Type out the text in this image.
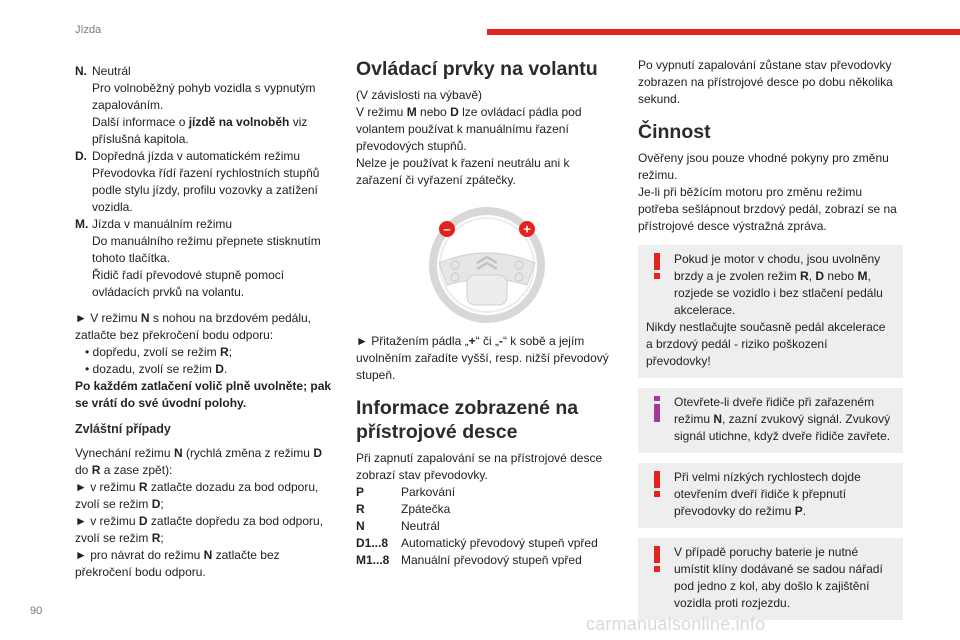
Jízda
N. Neutrál

Pro volnoběžný pohyb vozidla s vypnutým zapalováním.

Další informace o jízdě na volnoběh viz příslušná kapitola.

D. Dopředná jízda v automatickém režimu

Převodovka řídí řazení rychlostních stupňů podle stylu jízdy, profilu vozovky a zatížení vozidla.

M. Jízda v manuálním režimu

Do manuálního režimu přepnete stisknutím tohoto tlačítka.

Řidič řadí převodové stupně pomocí ovládacích prvků na volantu.

► V režimu N s nohou na brzdovém pedálu, zatlačte bez překročení bodu odporu:

• dopředu, zvolí se režim R;

• dozadu, zvolí se režim D.

Po každém zatlačení volič plně uvolněte; pak se vrátí do své úvodní polohy.

Zvláštní případy

Vynechání režimu N (rychlá změna z režimu D do R a zase zpět):

► v režimu R zatlačte dozadu za bod odporu, zvolí se režim D;

► v režimu D zatlačte dopředu za bod odporu, zvolí se režim R;

► pro návrat do režimu N zatlačte bez překročení bodu odporu.

Ovládací prvky na volantu

(V závislosti na výbavě)

V režimu M nebo D lze ovládací pádla pod volantem používat k manuálnímu řazení převodových stupňů.

Nelze je používat k řazení neutrálu ani k zařazení či vyřazení zpátečky.

–	+

► Přitažením pádla „+“ či „-“ k sobě a jejím uvolněním zařadíte vyšší, resp. nižší převodový stupeň.

Informace zobrazené na přístrojové desce

Při zapnutí zapalování se na přístrojové desce zobrazí stav převodovky.

P	Parkování
R	Zpátečka
N	Neutrál
D1...8	Automatický převodový stupeň vpřed
M1...8 Manuální převodový stupeň vpřed

Po vypnutí zapalování zůstane stav převodovky zobrazen na přístrojové desce po dobu několika sekund.

Činnost

Ověřeny jsou pouze vhodné pokyny pro změnu režimu.

Je-li při běžícím motoru pro změnu režimu potřeba sešlápnout brzdový pedál, zobrazí se na přístrojové desce výstražná zpráva.

Pokud je motor v chodu, jsou uvolněny brzdy a je zvolen režim R, D nebo M, rozjede se vozidlo i bez stlačení pedálu akcelerace.

Nikdy nestlačujte současně pedál akcelerace a brzdový pedál - riziko poškození převodovky!

Otevřete-li dveře řidiče při zařazeném režimu N, zazní zvukový signál. Zvukový signál utichne, když dveře řidiče zavřete.

Při velmi nízkých rychlostech dojde otevřením dveří řidiče k přepnutí převodovky do režimu P.

V případě poruchy baterie je nutné umístit klíny dodávané se sadou nářadí pod jedno z kol, aby došlo k zajištění vozidla proti rozjezdu.

90
carmanualsonline.info
